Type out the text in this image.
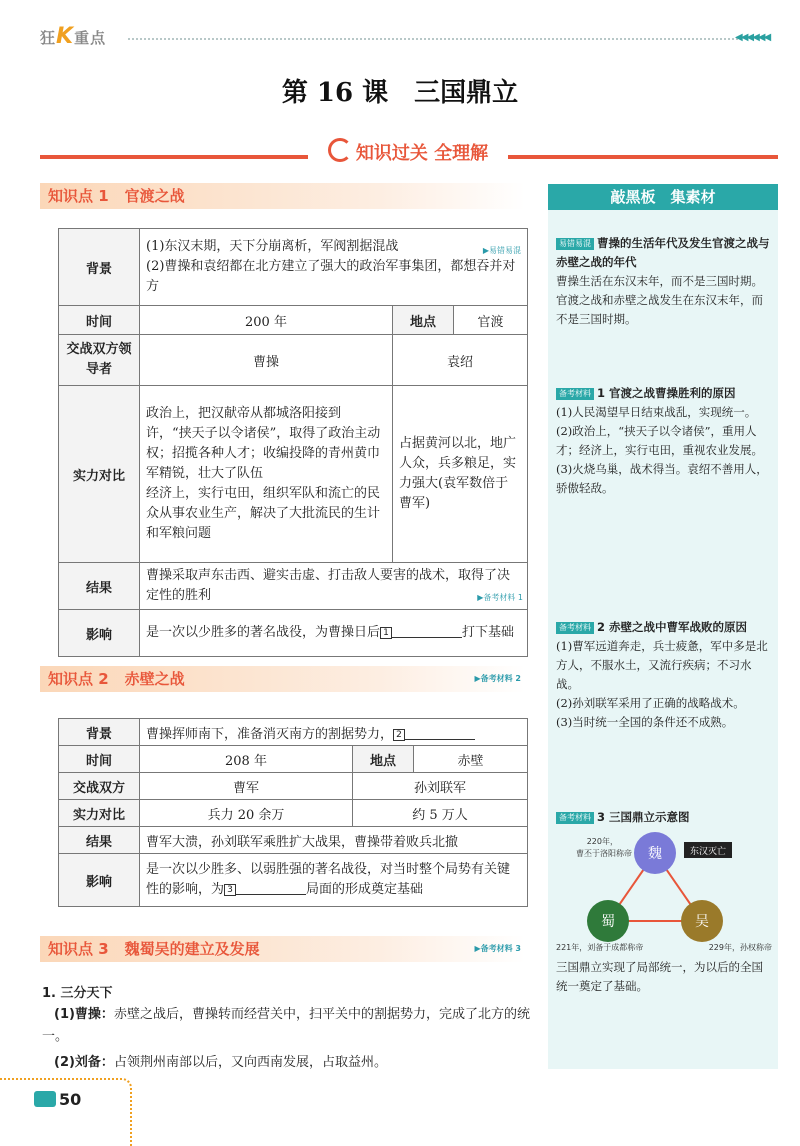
狂K重点	◀◀◀◀◀◀
第 16 课　三国鼎立
知识过关 全理解
知识点 1 官渡之战
背景	(1)东汉末期，天下分崩离析，军阀割据混战 ▶易错易混
(2)曹操和袁绍都在北方建立了强大的政治军事集团，都想吞并对方		

时间	200 年	地点	官渡
交战双方领导者	曹操	袁绍	
实力对比	政治上，把汉献帝从都城洛阳接到许，“挟天子以令诸侯”，取得了政治主动权；招揽各种人才；收编投降的青州黄巾军精锐，壮大了队伍
经济上，实行屯田，组织军队和流亡的民众从事农业生产，解决了大批流民的生计和军粮问题	占据黄河以北，地广人众，兵多粮足，实力强大(袁军数倍于曹军)	
结果	曹操采取声东击西、避实击虚、打击敌人要害的战术，取得了决定性的胜利 ▶备考材料 1		

影响	是一次以少胜多的著名战役，为曹操日后 1 打下基础		
知识点 2 赤壁之战	▶备考材料 2
背景	曹操挥师南下，准备消灭南方的割据势力， 2		
时间	208 年	地点	赤壁
交战双方	曹军	孙刘联军	
实力对比	兵力 20 余万	约 5 万人	
结果	曹军大溃，孙刘联军乘胜扩大战果，曹操带着败兵北撤		
影响	是一次以少胜多、以弱胜强的著名战役，对当时整个局势有关键性的影响，为 3 局面的形成奠定基础		
知识点 3 魏蜀吴的建立及发展	▶备考材料 3
1. 三分天下
(1)曹操：赤壁之战后，曹操转而经营关中，扫平关中的割据势力，完成了北方的统一。
(2)刘备：占领荆州南部以后，又向西南发展，占取益州。
敲黑板　集素材
易错易混 曹操的生活年代及发生官渡之战与赤壁之战的年代
曹操生活在东汉末年，而不是三国时期。官渡之战和赤壁之战发生在东汉末年，而不是三国时期。
备考材料 1 官渡之战曹操胜利的原因
(1)人民渴望早日结束战乱，实现统一。
(2)政治上，“挟天子以令诸侯”，重用人才；经济上，实行屯田，重视农业发展。
(3)火烧乌巢，战术得当。袁绍不善用人，骄傲轻敌。
备考材料 2 赤壁之战中曹军战败的原因
(1)曹军远道奔走，兵士疲惫，军中多是北方人，不服水土，又流行疾病；不习水战。
(2)孙刘联军采用了正确的战略战术。
(3)当时统一全国的条件还不成熟。
备考材料 3 三国鼎立示意图
魏
蜀	吴
220年，
曹丕于洛阳称帝	东汉灭亡
221年，刘备于成都称帝	229年，孙权称帝
三国鼎立实现了局部统一，为以后的全国统一奠定了基础。
50
